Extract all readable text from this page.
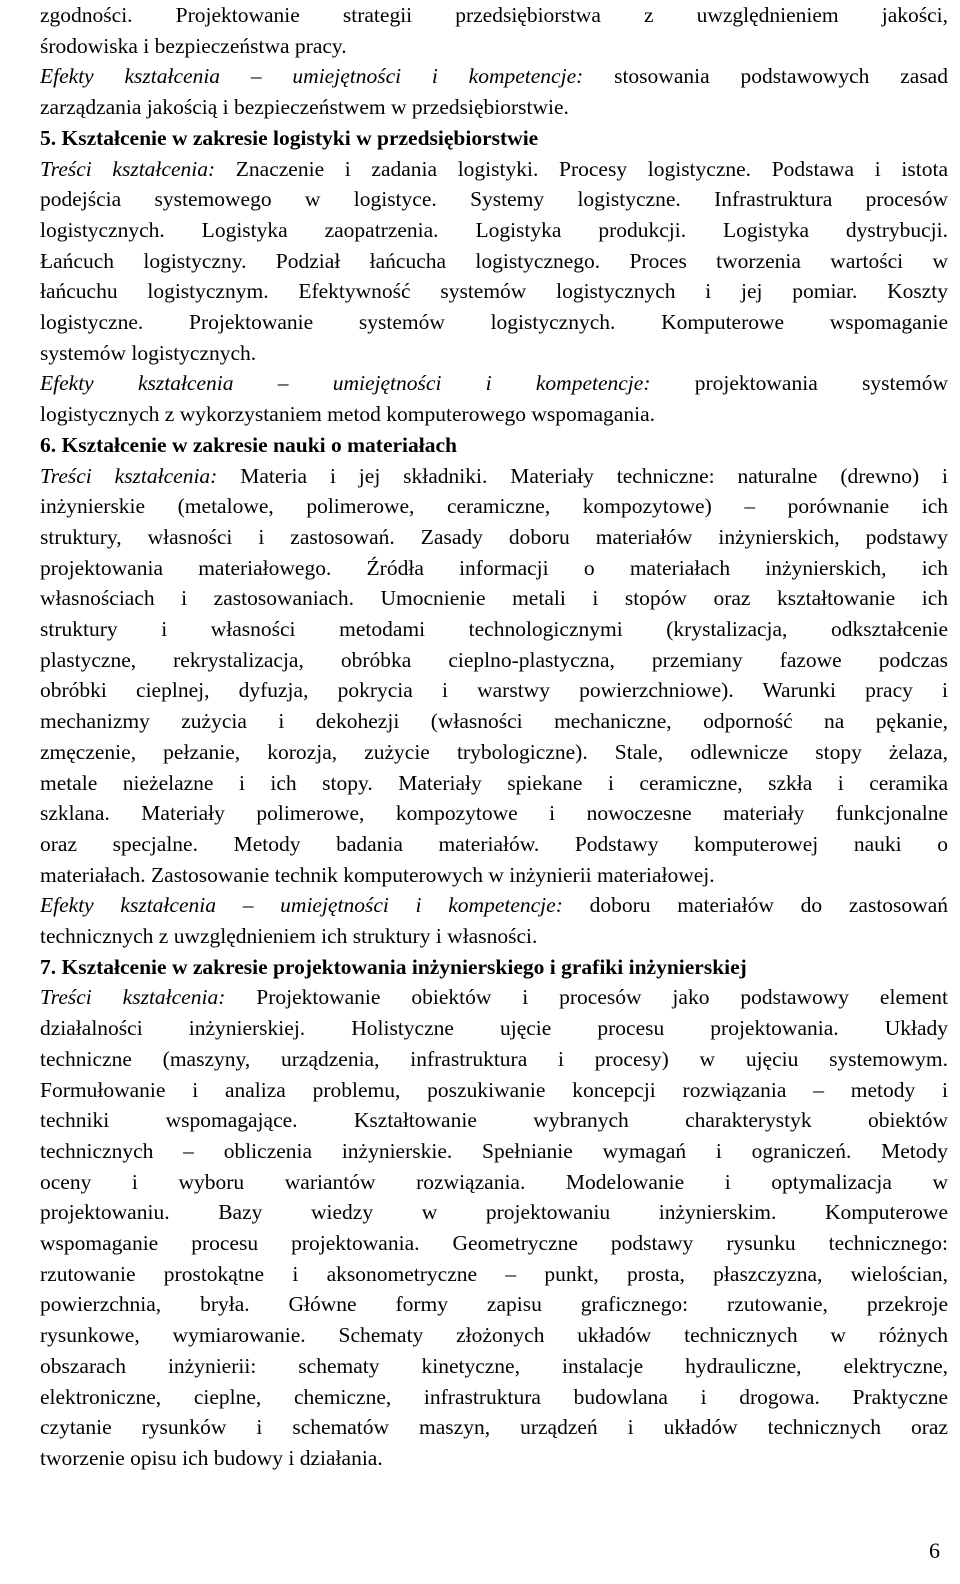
zgodności. Projektowanie strategii przedsiębiorstwa z uwzględnieniem jakości,
środowiska i bezpieczeństwa pracy.
Efekty kształcenia – umiejętności i kompetencje: stosowania podstawowych zasad
zarządzania jakością i bezpieczeństwem w przedsiębiorstwie.
5. Kształcenie w zakresie logistyki w przedsiębiorstwie
Treści kształcenia: Znaczenie i zadania logistyki. Procesy logistyczne. Podstawa i istota
podejścia systemowego w logistyce. Systemy logistyczne. Infrastruktura procesów
logistycznych. Logistyka zaopatrzenia. Logistyka produkcji. Logistyka dystrybucji.
Łańcuch logistyczny. Podział łańcucha logistycznego. Proces tworzenia wartości w
łańcuchu logistycznym. Efektywność systemów logistycznych i jej pomiar. Koszty
logistyczne. Projektowanie systemów logistycznych. Komputerowe wspomaganie
systemów logistycznych.
Efekty kształcenia – umiejętności i kompetencje: projektowania systemów
logistycznych z wykorzystaniem metod komputerowego wspomagania.
6. Kształcenie w zakresie nauki o materiałach
Treści kształcenia: Materia i jej składniki. Materiały techniczne: naturalne (drewno) i
inżynierskie (metalowe, polimerowe, ceramiczne, kompozytowe) – porównanie ich
struktury, własności i zastosowań. Zasady doboru materiałów inżynierskich, podstawy
projektowania materiałowego. Źródła informacji o materiałach inżynierskich, ich
własnościach i zastosowaniach. Umocnienie metali i stopów oraz kształtowanie ich
struktury i własności metodami technologicznymi (krystalizacja, odkształcenie
plastyczne, rekrystalizacja, obróbka cieplno-plastyczna, przemiany fazowe podczas
obróbki cieplnej, dyfuzja, pokrycia i warstwy powierzchniowe). Warunki pracy i
mechanizmy zużycia i dekohezji (własności mechaniczne, odporność na pękanie,
zmęczenie, pełzanie, korozja, zużycie trybologiczne). Stale, odlewnicze stopy żelaza,
metale nieżelazne i ich stopy. Materiały spiekane i ceramiczne, szkła i ceramika
szklana. Materiały polimerowe, kompozytowe i nowoczesne materiały funkcjonalne
oraz specjalne. Metody badania materiałów. Podstawy komputerowej nauki o
materiałach. Zastosowanie technik komputerowych w inżynierii materiałowej.
Efekty kształcenia – umiejętności i kompetencje: doboru materiałów do zastosowań
technicznych z uwzględnieniem ich struktury i własności.
7. Kształcenie w zakresie projektowania inżynierskiego i grafiki inżynierskiej
Treści kształcenia: Projektowanie obiektów i procesów jako podstawowy element
działalności inżynierskiej. Holistyczne ujęcie procesu projektowania. Układy
techniczne (maszyny, urządzenia, infrastruktura i procesy) w ujęciu systemowym.
Formułowanie i analiza problemu, poszukiwanie koncepcji rozwiązania – metody i
techniki wspomagające. Kształtowanie wybranych charakterystyk obiektów
technicznych – obliczenia inżynierskie. Spełnianie wymagań i ograniczeń. Metody
oceny i wyboru wariantów rozwiązania. Modelowanie i optymalizacja w
projektowaniu. Bazy wiedzy w projektowaniu inżynierskim. Komputerowe
wspomaganie procesu projektowania. Geometryczne podstawy rysunku technicznego:
rzutowanie prostokątne i aksonometryczne – punkt, prosta, płaszczyzna, wielościan,
powierzchnia, bryła. Główne formy zapisu graficznego: rzutowanie, przekroje
rysunkowe, wymiarowanie. Schematy złożonych układów technicznych w różnych
obszarach inżynierii: schematy kinetyczne, instalacje hydrauliczne, elektryczne,
elektroniczne, cieplne, chemiczne, infrastruktura budowlana i drogowa. Praktyczne
czytanie rysunków i schematów maszyn, urządzeń i układów technicznych oraz
tworzenie opisu ich budowy i działania.
6
